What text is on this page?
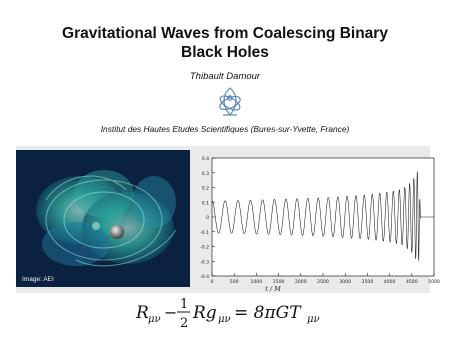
Gravitational Waves from Coalescing Binary
Black Holes
Thibault Damour
Institut des Hautes Etudes Scientifiques (Bures-sur-Yvette, France)
Image: AEI	-0.4
-0.3
-0.2
-0.1
0
0.1
0.2
0.3
0.4
0	500	1000 1500 2000 2500 3000 3500 4000 4500 5000
t / M
R μν − 1
2
Rg μν = 8πGT μν
